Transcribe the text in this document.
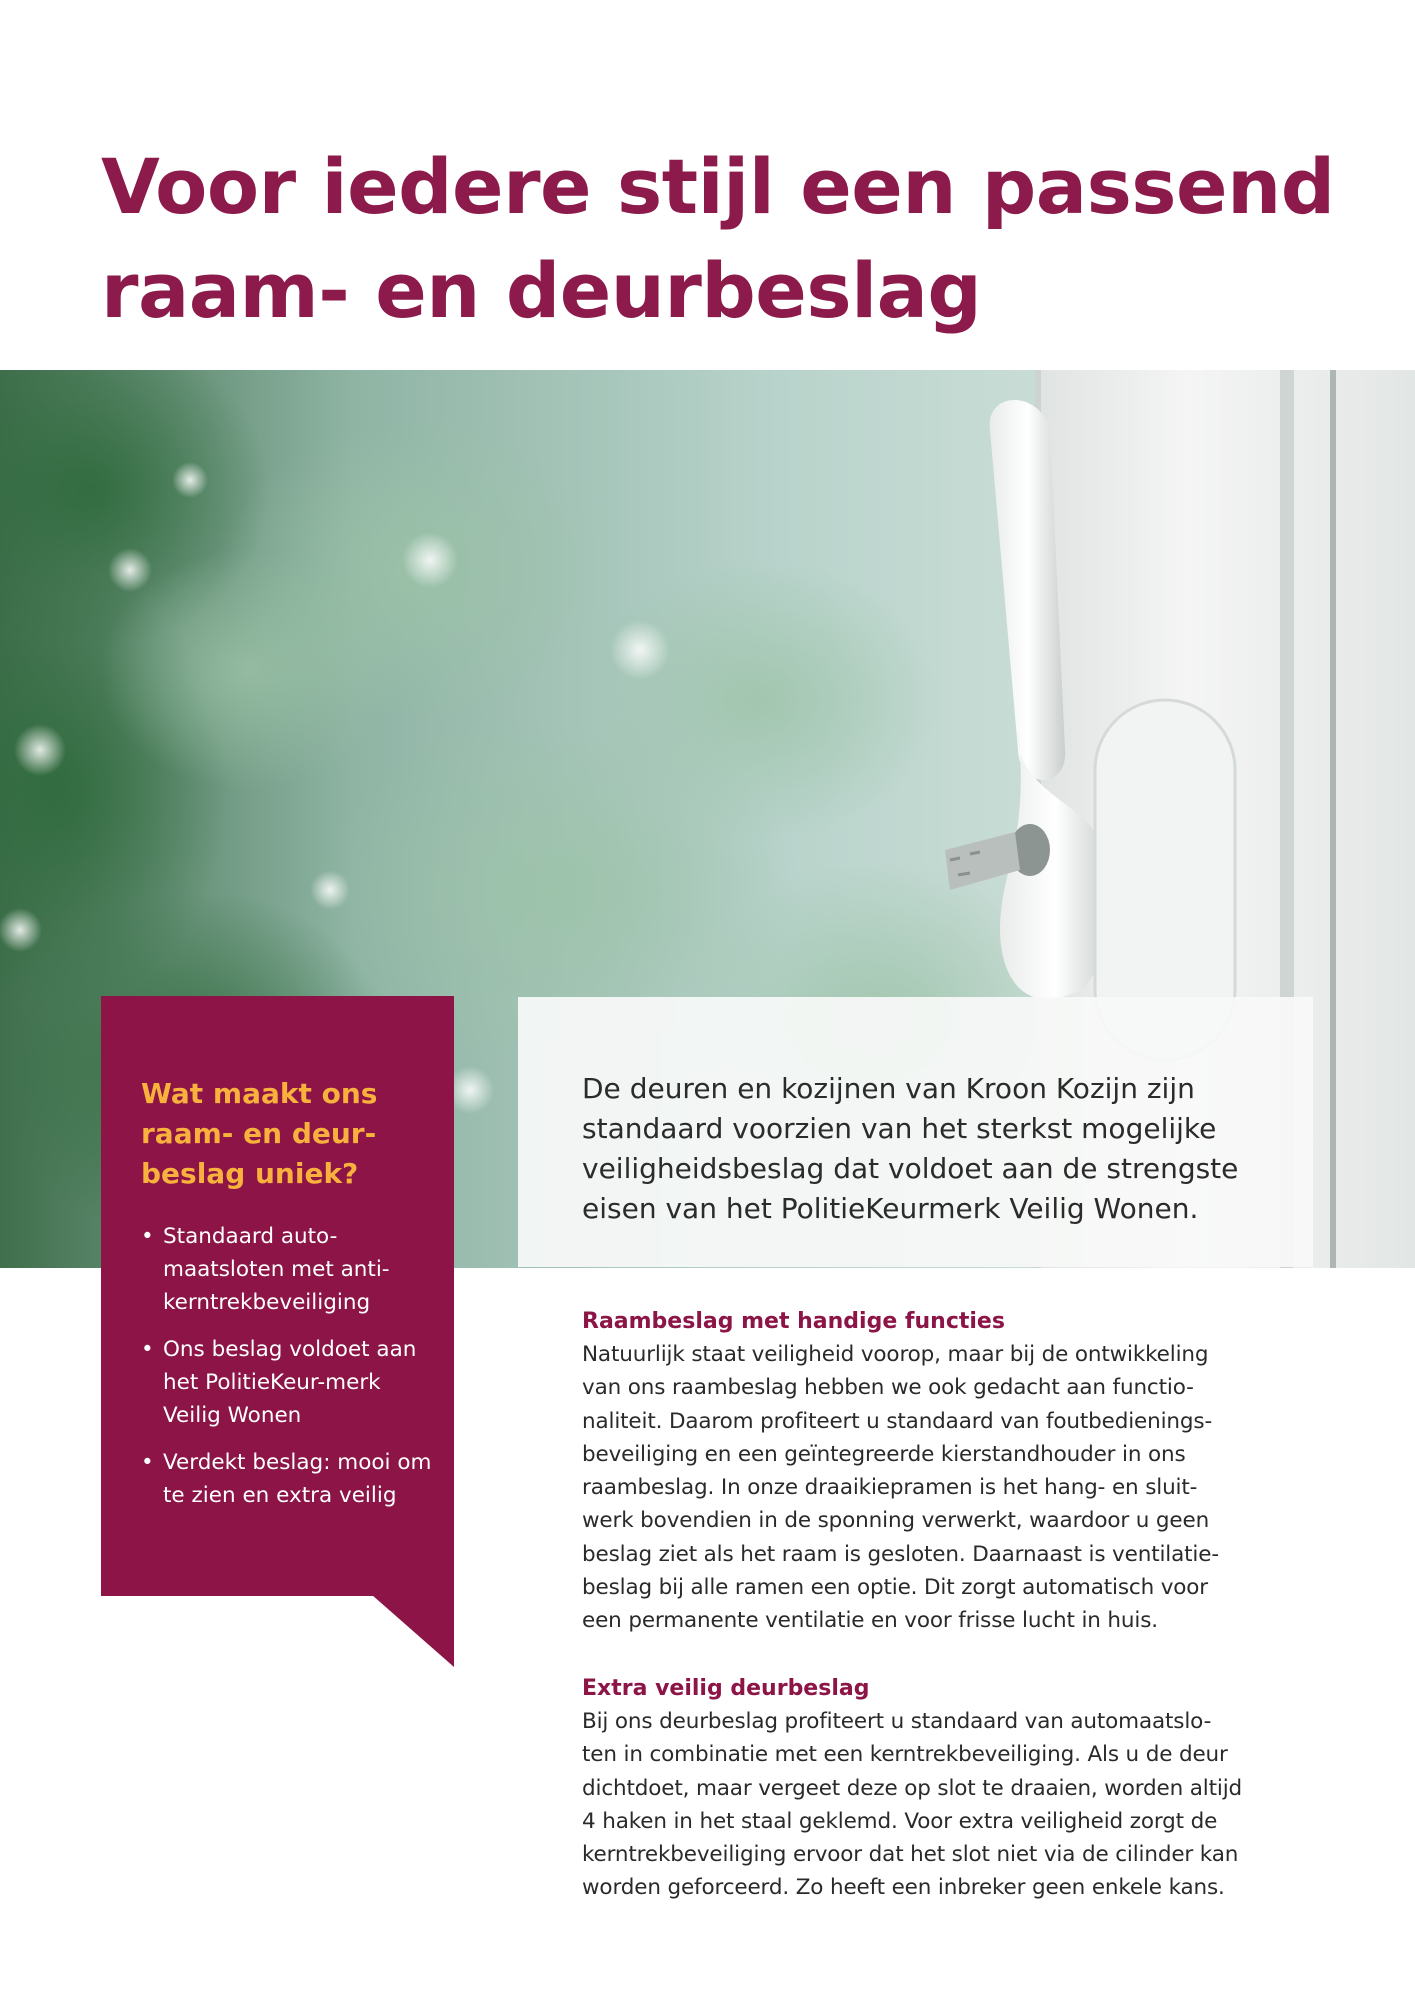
Voor iedere stijl een passend raam- en deurbeslag

De deuren en kozijnen van Kroon Kozijn zijn standaard voorzien van het sterkst mogelijke veiligheidsbeslag dat voldoet aan de strengste eisen van het PolitieKeurmerk Veilig Wonen.

Wat maakt ons raam- en deur-beslag uniek?
• Standaard auto-maatsloten met anti-kerntrekbeveiliging
• Ons beslag voldoet aan het PolitieKeur-merk Veilig Wonen
• Verdekt beslag: mooi om te zien en extra veilig
Raambeslag met handige functies

Natuurlijk staat veiligheid voorop, maar bij de ontwikkeling
van ons raambeslag hebben we ook gedacht aan functio-
naliteit. Daarom profiteert u standaard van foutbedienings-
beveiliging en een geïntegreerde kierstandhouder in ons
raambeslag. In onze draaikiepramen is het hang- en sluit-
werk bovendien in de sponning verwerkt, waardoor u geen
beslag ziet als het raam is gesloten. Daarnaast is ventilatie-
beslag bij alle ramen een optie. Dit zorgt automatisch voor
een permanente ventilatie en voor frisse lucht in huis.

Extra veilig deurbeslag

Bij ons deurbeslag profiteert u standaard van automaatslo-
ten in combinatie met een kerntrekbeveiliging. Als u de deur
dichtdoet, maar vergeet deze op slot te draaien, worden altijd
4 haken in het staal geklemd. Voor extra veiligheid zorgt de
kerntrekbeveiliging ervoor dat het slot niet via de cilinder kan
worden geforceerd. Zo heeft een inbreker geen enkele kans.
